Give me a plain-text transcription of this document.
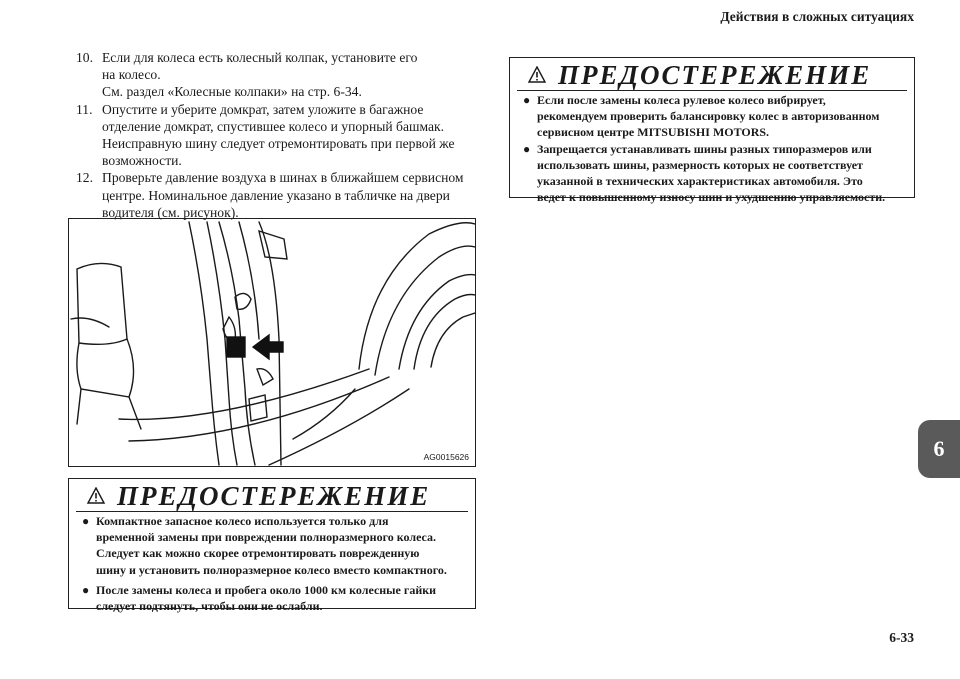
Действия в сложных ситуациях
6-33
6
10. Если для колеса есть колесный колпак, установите его
на колесо.
См. раздел «Колесные колпаки» на стр. 6-34.
11. Опустите и уберите домкрат, затем уложите в багажное
отделение домкрат, спустившее колесо и упорный башмак.
Неисправную шину следует отремонтировать при первой же
возможности.
12. Проверьте давление воздуха в шинах в ближайшем сервисном
центре. Номинальное давление указано в табличке на двери
водителя (см. рисунок).
AG0015626
ПРЕДОСТЕРЕЖЕНИЕ
● Если после замены колеса рулевое колесо вибрирует,
рекомендуем проверить балансировку колес в авторизованном
сервисном центре MITSUBISHI MOTORS.
● Запрещается устанавливать шины разных типоразмеров или
использовать шины, размерность которых не соответствует
указанной в технических характеристиках автомобиля. Это
ведет к повышенному износу шин и ухудшению управляемости.
ПРЕДОСТЕРЕЖЕНИЕ
● Компактное запасное колесо используется только для
временной замены при повреждении полноразмерного колеса.
Следует как можно скорее отремонтировать поврежденную
шину и установить полноразмерное колесо вместо компактного.
● После замены колеса и пробега около 1000 км колесные гайки
следует подтянуть, чтобы они не ослабли.
